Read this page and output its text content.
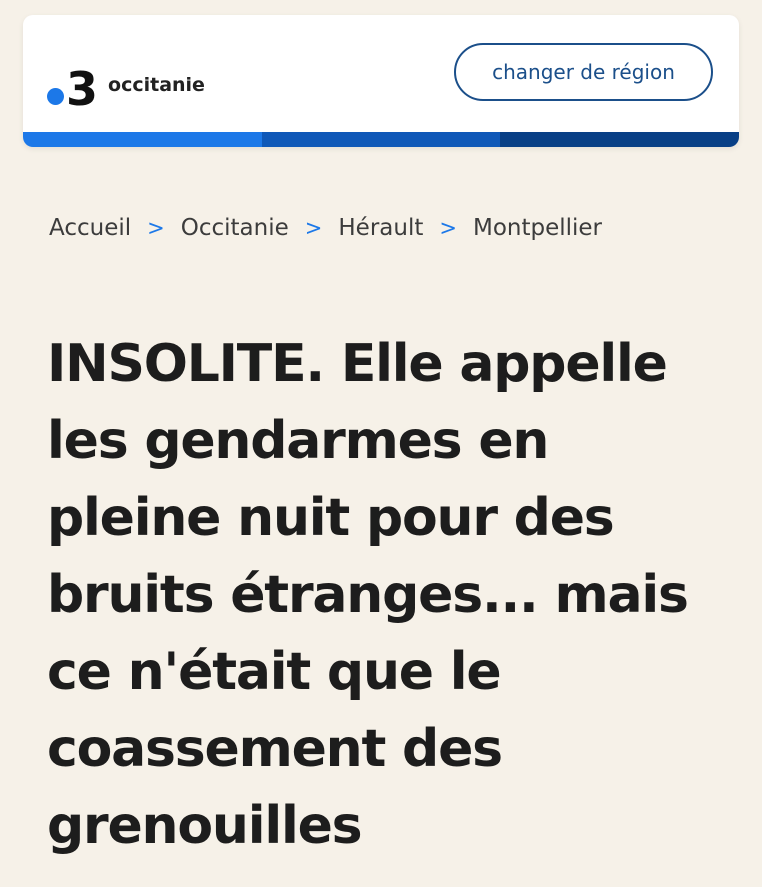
3 occitanie
changer de région
Accueil > Occitanie > Hérault > Montpellier
INSOLITE. Elle appelle les gendarmes en pleine nuit pour des bruits étranges... mais ce n'était que le coassement des grenouilles
